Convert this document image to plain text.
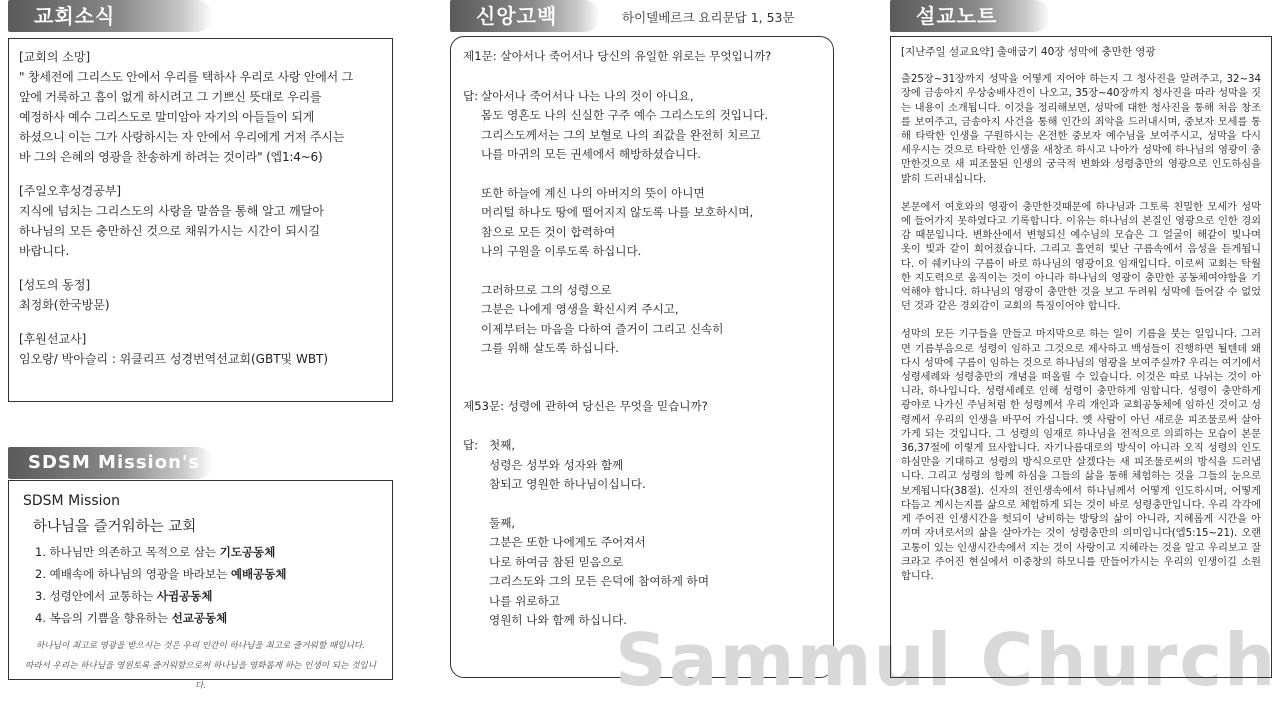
교회소식

[교회의 소망]

" 창세전에 그리스도 안에서 우리를 택하사 우리로 사랑 안에서 그
앞에 거룩하고 흠이 없게 하시려고 그 기쁘신 뜻대로 우리를
예정하사 예수 그리스도로 말미암아 자기의 아들들이 되게
하셨으니 이는 그가 사랑하시는 자 안에서 우리에게 거저 주시는
바 그의 은혜의 영광을 찬송하게 하려는 것이라" (엡1:4~6)

[주일오후성경공부]

지식에 넘치는 그리스도의 사랑을 말씀을 통해 알고 깨달아
하나님의 모든 충만하신 것으로 채워가시는 시간이 되시길
바랍니다.

[성도의 동정]

최정화(한국방문)

[후원선교사]

임오랑/ 박아슬리 : 위클리프 성경번역선교회(GBT및 WBT)

SDSM Mission's

SDSM Mission

하나님을 즐거워하는 교회

1. 하나님만 의존하고 목적으로 삼는 기도공동체

2. 예배속에 하나님의 영광을 바라보는 예배공동체

3. 성령안에서 교통하는 사귐공동체

4. 복음의 기쁨을 향유하는 선교공동체

하나님이 최고로 영광을 받으시는 것은 우리 인간이 하나님을 최고로 즐거워할 때입니다.
따라서 우리는 하나님을 영원토록 즐거워함으로써 하나님을 영화롭게 하는 인생이 되는 것입니다.
신앙고백	하이델베르크 요리문답 1, 53문

제1문: 살아서나 죽어서나 당신의 유일한 위로는 무엇입니까?

답: 살아서나 죽어서나 나는 나의 것이 아니요,
몸도 영혼도 나의 신실한 구주 예수 그리스도의 것입니다.
그리스도께서는 그의 보혈로 나의 죄값을 완전히 치르고
나를 마귀의 모든 권세에서 해방하셨습니다.

또한 하늘에 계신 나의 아버지의 뜻이 아니면
머리털 하나도 땅에 떨어지지 않도록 나를 보호하시며,
참으로 모든 것이 합력하여
나의 구원을 이루도록 하십니다.

그러하므로 그의 성령으로
그분은 나에게 영생을 확신시켜 주시고,
이제부터는 마음을 다하여 즐거이 그리고 신속히
그를 위해 살도록 하십니다.

제53문: 성령에 관하여 당신은 무엇을 믿습니까?

답: 첫째,
성령은 성부와 성자와 함께
참되고 영원한 하나님이십니다.

둘째,
그분은 또한 나에게도 주어져서
나로 하여금 참된 믿음으로
그리스도와 그의 모든 은덕에 참여하게 하며
나를 위로하고
영원히 나와 함께 하십니다.

Sammul Church
설교노트

[지난주일 설교요약] 출애굽기 40장 성막에 충만한 영광

출25장~31장까지 성막을 어떻게 지어야 하는지 그 청사진을 알려주고, 32~34장에 금송아지 우상숭배사건이 나오고, 35장~40장까지 청사진을 따라 성막을 짓는 내용이 소개됩니다. 이것을 정리해보면, 성막에 대한 청사진을 통해 처음 창조를 보여주고, 금송아지 사건을 통해 인간의 죄악을 드러내시며, 중보자 모세를 통해 타락한 인생을 구원하시는 온전한 중보자 예수님을 보여주시고, 성막을 다시 세우시는 것으로 타락한 인생을 새창조 하시고 나아가 성막에 하나님의 영광이 충만한것으로 새 피조물된 인생의 궁극적 변화와 성령충만의 영광으로 인도하심을 밝히 드러내십니다.

본문에서 여호와의 영광이 충만한것때문에 하나님과 그토록 친밀한 모세가 성막에 들어가지 못하였다고 기록합니다. 이유는 하나님의 본질인 영광으로 인한 경외감 때문입니다. 변화산에서 변형되신 예수님의 모습은 그 얼굴이 해같이 빛나며 옷이 빛과 같이 희어졌습니다. 그리고 홀연히 빛난 구름속에서 음성을 듣게됩니다. 이 쉐키나의 구름이 바로 하나님의 영광이요 임재입니다. 이로써 교회는 탁월한 지도력으로 움직이는 것이 아니라 하나님의 영광이 충만한 공동체여야함을 기억해야 합니다. 하나님의 영광이 충만한 것을 보고 두려워 성막에 들어갈 수 없었던 것과 같은 경외감이 교회의 특징이어야 합니다.

성막의 모든 기구들을 만들고 마지막으로 하는 일이 기름을 붓는 일입니다. 그러면 기름부음으로 성령이 임하고 그것으로 제사하고 백성들이 진행하면 될텐데 왜 다시 성막에 구름이 임하는 것으로 하나님의 영광을 보여주실까? 우리는 여기에서 성령세례와 성령충만의 개념을 떠올릴 수 있습니다. 이것은 따로 나뉘는 것이 아니라, 하나입니다. 성령세례로 인해 성령이 충만하게 임합니다. 성령이 충만하게 광야로 나가신 주님처럼 한 성령께서 우리 개인과 교회공동체에 임하신 것이고 성령께서 우리의 인생을 바꾸어 가십니다. 옛 사람이 아닌 새로운 피조물로써 살아가게 되는 것입니다. 그 성령의 임재로 하나님을 전적으로 의뢰하는 모습이 본문 36,37절에 이렇게 묘사합니다. 자기나름대로의 방식이 아니라 오직 성령의 인도하심만을 기대하고 성령의 방식으로만 살겠다는 새 피조물로써의 방식을 드러냅니다. 그리고 성령의 함께 하심을 그들의 삶을 통해 체험하는 것을 그들의 눈으로 보게됩니다(38절). 신자의 전인생속에서 하나님께서 어떻게 인도하시며, 어떻게 다듬고 계시는지를 삶으로 체험하게 되는 것이 바로 성령충만입니다. 우리 각각에게 주어진 인생시간을 헛되이 낭비하는 방탕의 삶이 아니라, 지혜롭게 시간을 아끼며 자녀로서의 삶을 살아가는 것이 성령충만의 의미입니다(엡5:15~21). 오랜고통이 있는 인생시간속에서 지는 것이 사랑이고 지혜라는 것을 알고 우리보고 잘 크라고 주어진 현실에서 이중창의 하모니를 만들어가시는 우리의 인생이길 소원합니다.
